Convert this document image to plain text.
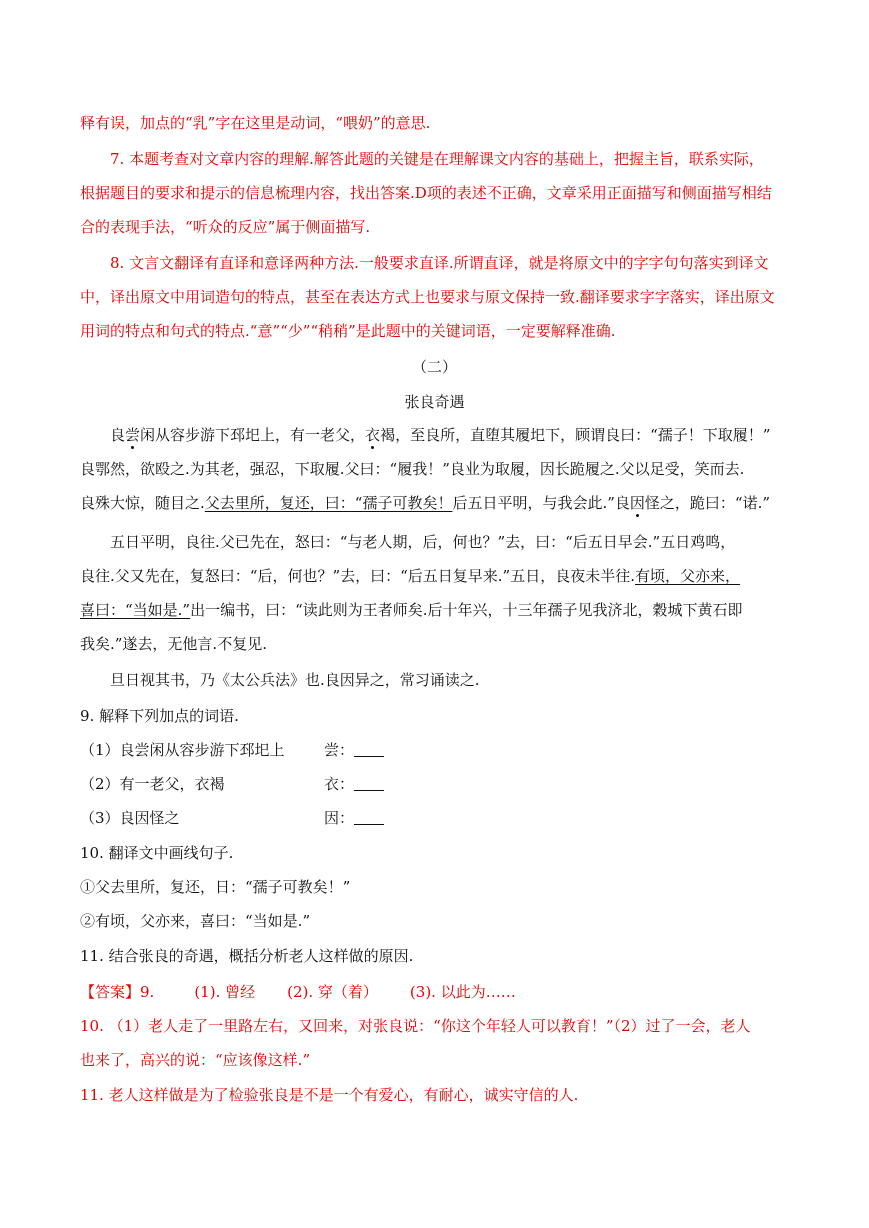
释有误，加点的“乳”字在这里是动词，“喂奶”的意思.
7. 本题考查对文章内容的理解.解答此题的关键是在理解课文内容的基础上，把握主旨，联系实际，
根据题目的要求和提示的信息梳理内容，找出答案.D项的表述不正确，文章采用正面描写和侧面描写相结
合的表现手法，“听众的反应”属于侧面描写.
8. 文言文翻译有直译和意译两种方法.一般要求直译.所谓直译，就是将原文中的字字句句落实到译文
中，译出原文中用词造句的特点，甚至在表达方式上也要求与原文保持一致.翻译要求字字落实，译出原文
用词的特点和句式的特点.“意”“少”“稍稍”是此题中的关键词语，一定要解释准确.
（二）
张良奇遇
良尝闲从容步游下邳圯上，有一老父，衣褐，至良所，直堕其履圯下，顾谓良曰：“孺子！下取履！”
良鄂然，欲殴之.为其老，强忍，下取履.父曰：“履我！”良业为取履，因长跪履之.父以足受，笑而去.
良殊大惊，随目之.父去里所，复还，曰：“孺子可教矣！后五日平明，与我会此.”良因怪之，跪曰：“诺.”
五日平明，良往.父已先在，怒曰：“与老人期，后，何也？”去，曰：“后五日早会.”五日鸡鸣，
良往.父又先在，复怒曰：“后，何也？”去，曰：“后五日复早来.”五日，良夜未半往.有顷，父亦来，
喜曰：“当如是.”出一编书，曰：“读此则为王者师矣.后十年兴，十三年孺子见我济北，穀城下黄石即
我矣.”遂去，无他言.不复见.
旦日视其书，乃《太公兵法》也.良因异之，常习诵读之.
9. 解释下列加点的词语.
（1）良尝闲从容步游下邳圯上	尝：
（2）有一老父，衣褐	衣：
（3）良因怪之	因：
10. 翻译文中画线句子.
①父去里所，复还，日：“孺子可教矣！”
②有顷，父亦来，喜曰：“当如是.”
11. 结合张良的奇遇，概括分析老人这样做的原因.
【答案】9.	(1). 曾经 (2). 穿（着） (3). 以此为……
10. （1）老人走了一里路左右，又回来，对张良说：“你这个年轻人可以教育！”（2）过了一会，老人
也来了，高兴的说：“应该像这样.”
11. 老人这样做是为了检验张良是不是一个有爱心，有耐心，诚实守信的人.
